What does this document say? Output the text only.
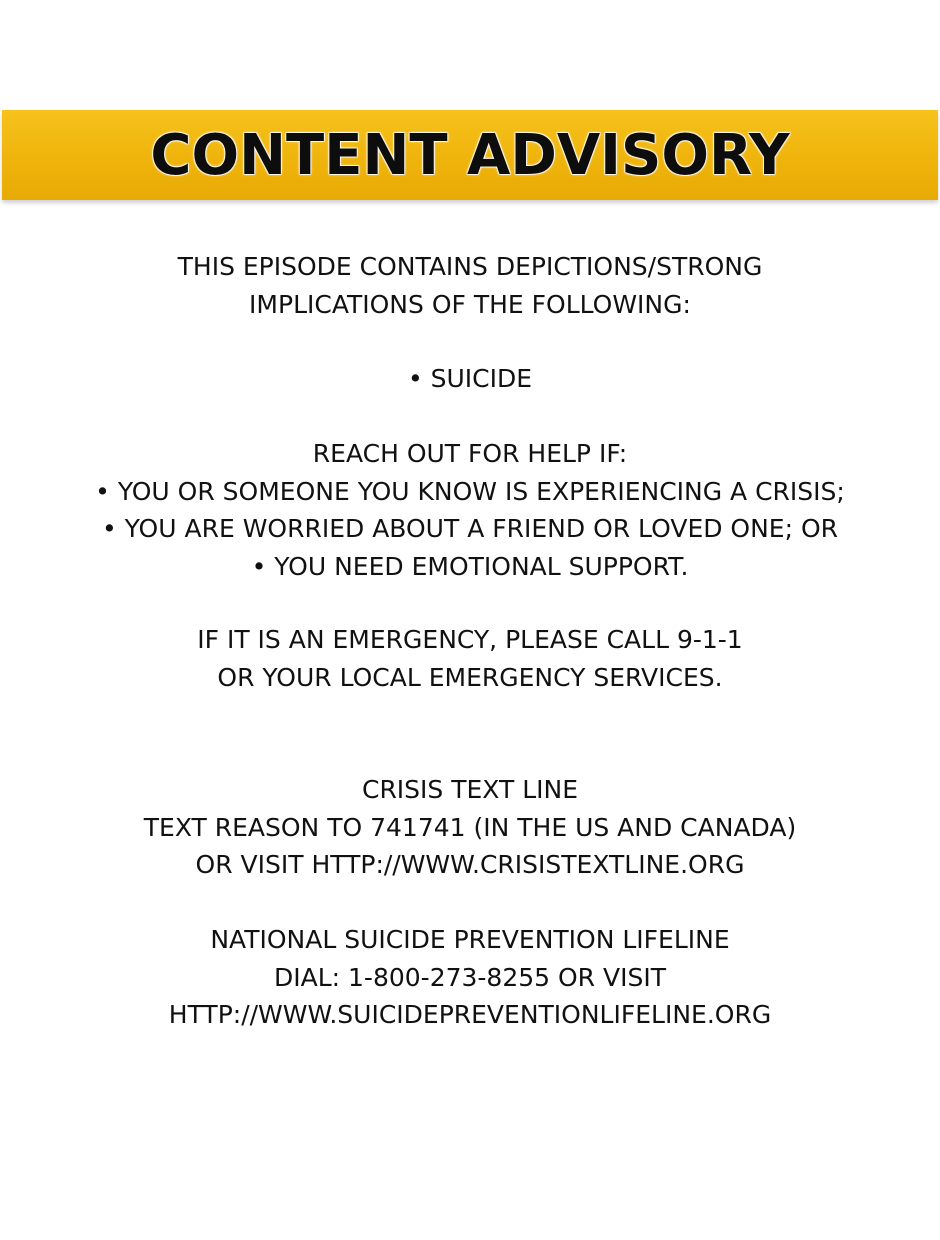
CONTENT ADVISORY
THIS EPISODE CONTAINS DEPICTIONS/STRONG
IMPLICATIONS OF THE FOLLOWING:
• SUICIDE
REACH OUT FOR HELP IF:
• YOU OR SOMEONE YOU KNOW IS EXPERIENCING A CRISIS;
• YOU ARE WORRIED ABOUT A FRIEND OR LOVED ONE; OR
• YOU NEED EMOTIONAL SUPPORT.
IF IT IS AN EMERGENCY, PLEASE CALL 9-1-1
OR YOUR LOCAL EMERGENCY SERVICES.
CRISIS TEXT LINE
TEXT REASON TO 741741 (IN THE US AND CANADA)
OR VISIT HTTP://WWW.CRISISTEXTLINE.ORG
NATIONAL SUICIDE PREVENTION LIFELINE
DIAL: 1-800-273-8255 OR VISIT
HTTP://WWW.SUICIDEPREVENTIONLIFELINE.ORG
